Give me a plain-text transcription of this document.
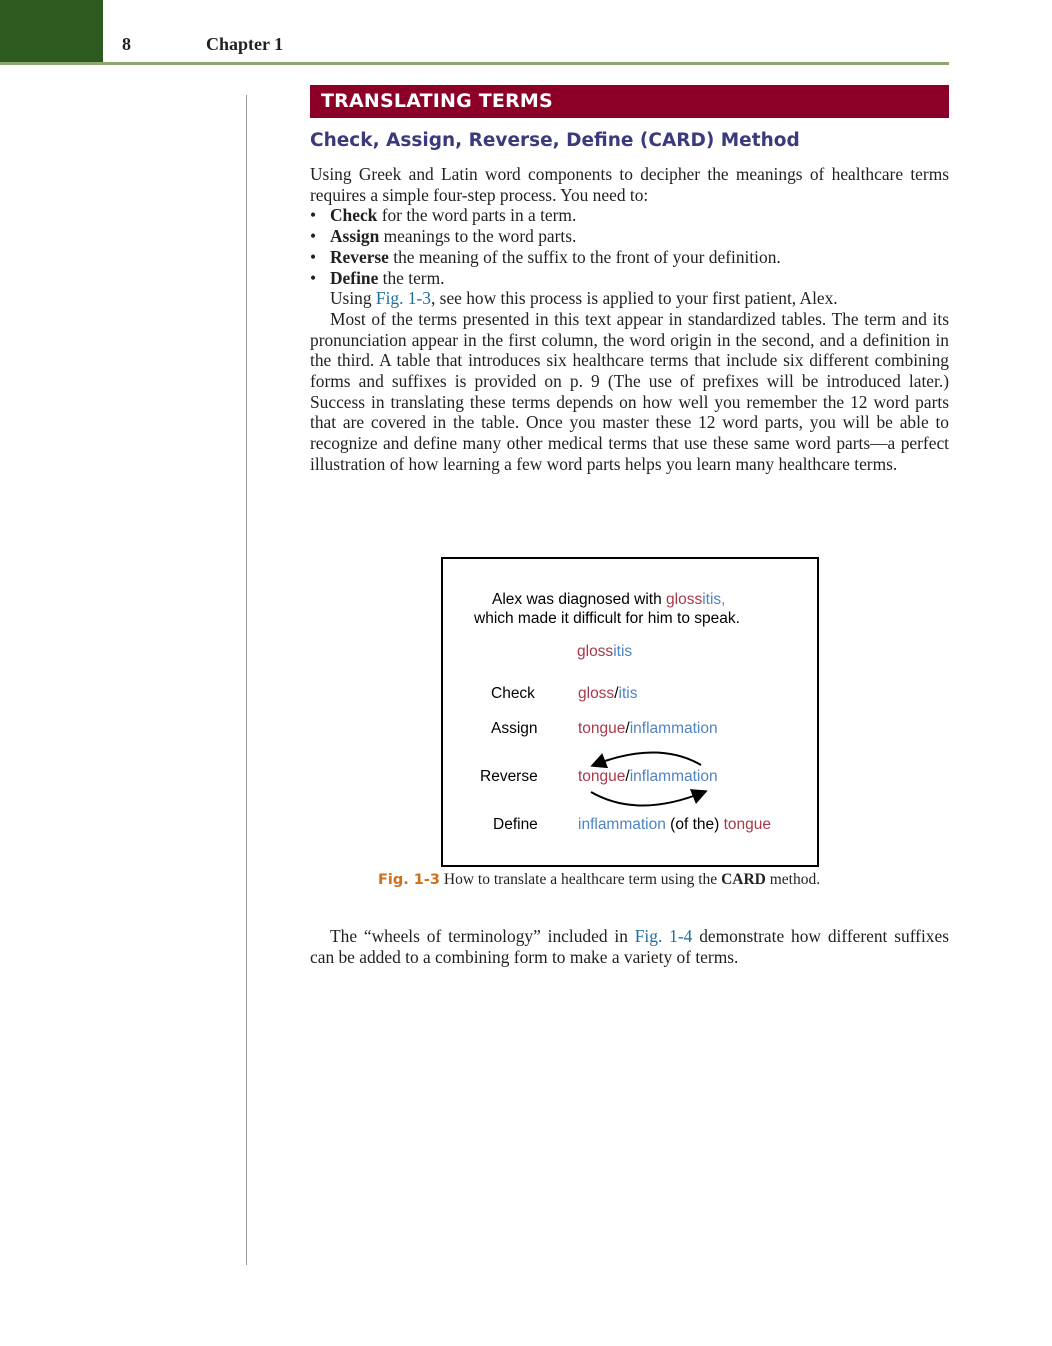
8	Chapter 1
TRANSLATING TERMS
Check, Assign, Reverse, Define (CARD) Method

Using Greek and Latin word components to decipher the meanings of healthcare terms requires a simple four-step process. You need to:

• Check for the word parts in a term.
• Assign meanings to the word parts.
• Reverse the meaning of the suffix to the front of your definition.
• Define the term.

Using Fig. 1-3, see how this process is applied to your first patient, Alex.

Most of the terms presented in this text appear in standardized tables. The term and its pronunciation appear in the first column, the word origin in the second, and a definition in the third. A table that introduces six healthcare terms that include six different combining forms and suffixes is provided on p. 9 (The use of prefixes will be introduced later.) Success in translating these terms depends on how well you remember the 12 word parts that are covered in the table. Once you master these 12 word parts, you will be able to recognize and define many other medical terms that use these same word parts—a perfect illustration of how learning a few word parts helps you learn many healthcare terms.

Alex was diagnosed with glossitis,
which made it difficult for him to speak.
glossitis
Check	gloss/itis
Assign	tongue/inflammation
Reverse	tongue/inflammation
Define	inflammation (of the) tongue
Fig. 1-3 How to translate a healthcare term using the CARD method.

The “wheels of terminology” included in Fig. 1-4 demonstrate how different suffixes can be added to a combining form to make a variety of terms.
